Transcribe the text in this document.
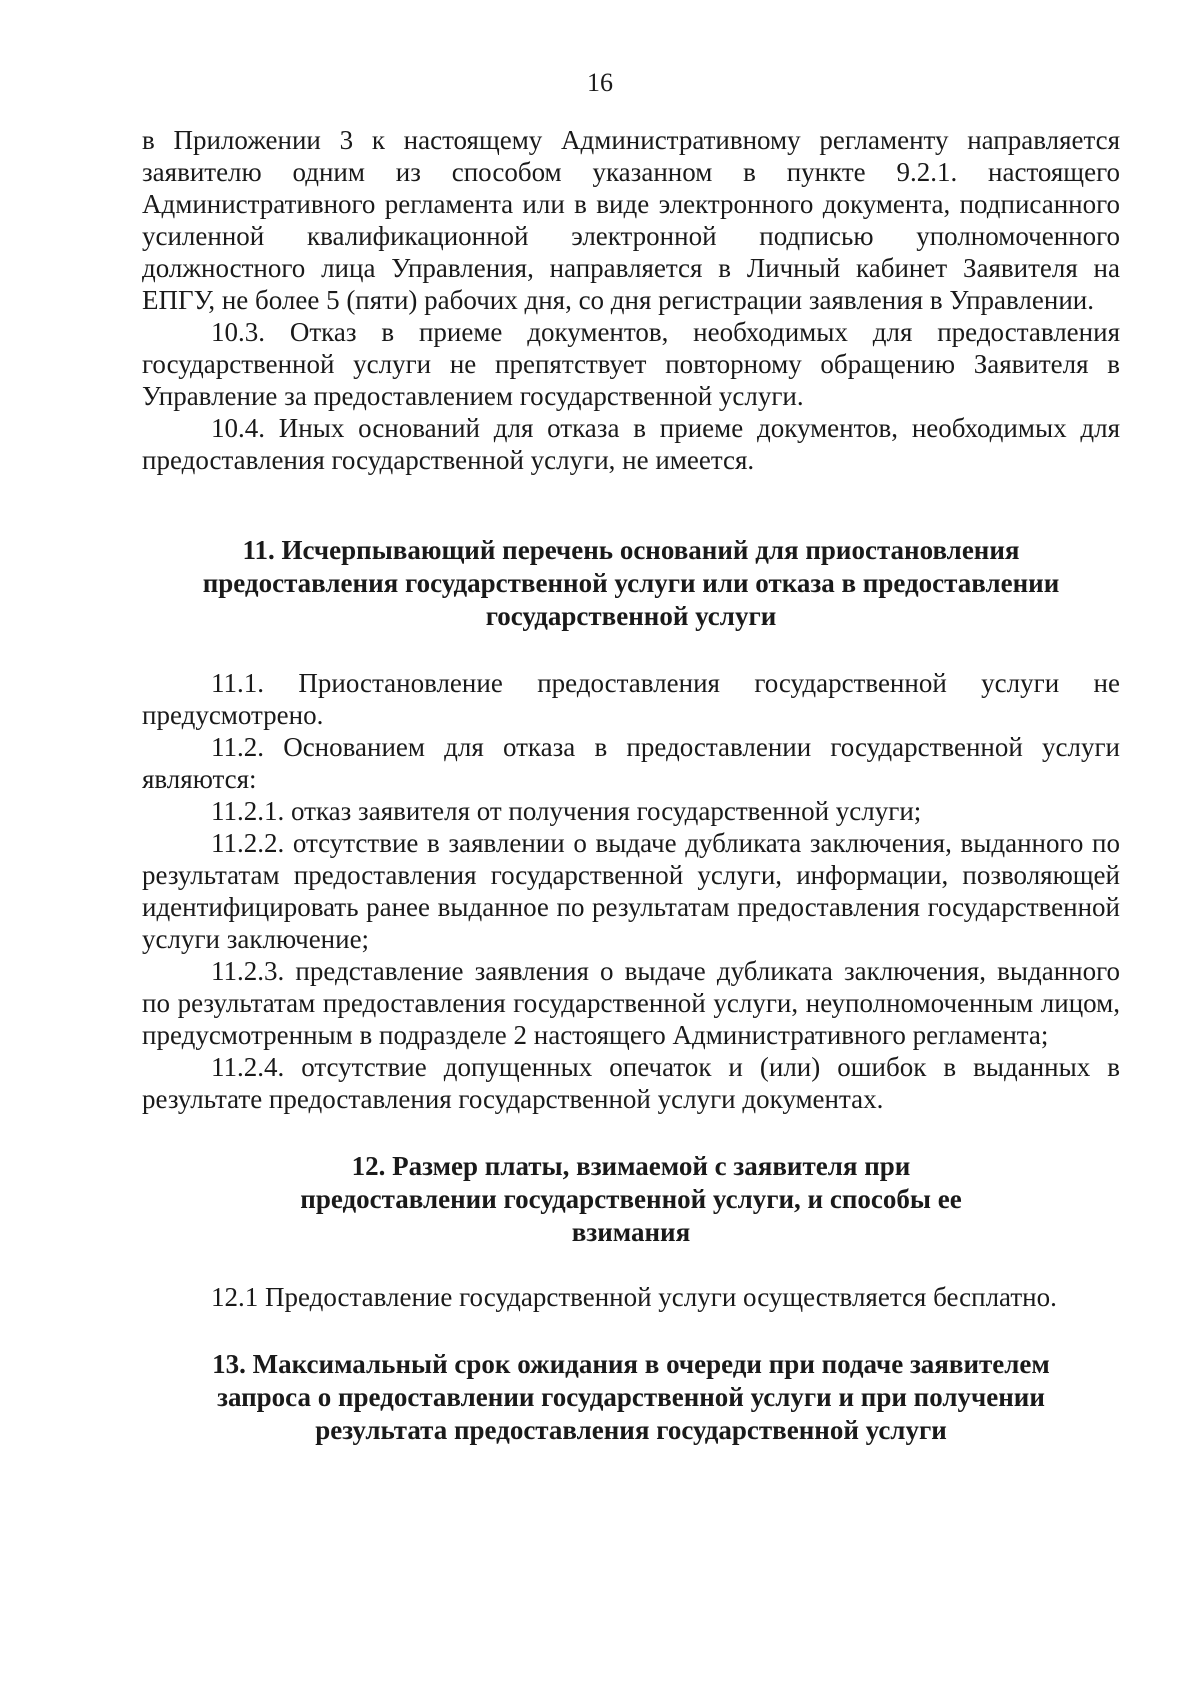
16

в Приложении 3 к настоящему Административному регламенту направляется заявителю одним из способом указанном в пункте 9.2.1. настоящего Административного регламента или в виде электронного документа, подписанного усиленной квалификационной электронной подписью уполномоченного должностного лица Управления, направляется в Личный кабинет Заявителя на ЕПГУ, не более 5 (пяти) рабочих дня, со дня регистрации заявления в Управлении.

10.3. Отказ в приеме документов, необходимых для предоставления государственной услуги не препятствует повторному обращению Заявителя в Управление за предоставлением государственной услуги.

10.4. Иных оснований для отказа в приеме документов, необходимых для предоставления государственной услуги, не имеется.

11. Исчерпывающий перечень оснований для приостановления предоставления государственной услуги или отказа в предоставлении государственной услуги

11.1. Приостановление предоставления государственной услуги не предусмотрено.

11.2. Основанием для отказа в предоставлении государственной услуги являются:

11.2.1. отказ заявителя от получения государственной услуги;

11.2.2. отсутствие в заявлении о выдаче дубликата заключения, выданного по результатам предоставления государственной услуги, информации, позволяющей идентифицировать ранее выданное по результатам предоставления государственной услуги заключение;

11.2.3. представление заявления о выдаче дубликата заключения, выданного по результатам предоставления государственной услуги, неуполномоченным лицом, предусмотренным в подразделе 2 настоящего Административного регламента;

11.2.4. отсутствие допущенных опечаток и (или) ошибок в выданных в результате предоставления государственной услуги документах.

12. Размер платы, взимаемой с заявителя при предоставлении государственной услуги, и способы ее взимания

12.1 Предоставление государственной услуги осуществляется бесплатно.

13. Максимальный срок ожидания в очереди при подаче заявителем запроса о предоставлении государственной услуги и при получении результата предоставления государственной услуги
